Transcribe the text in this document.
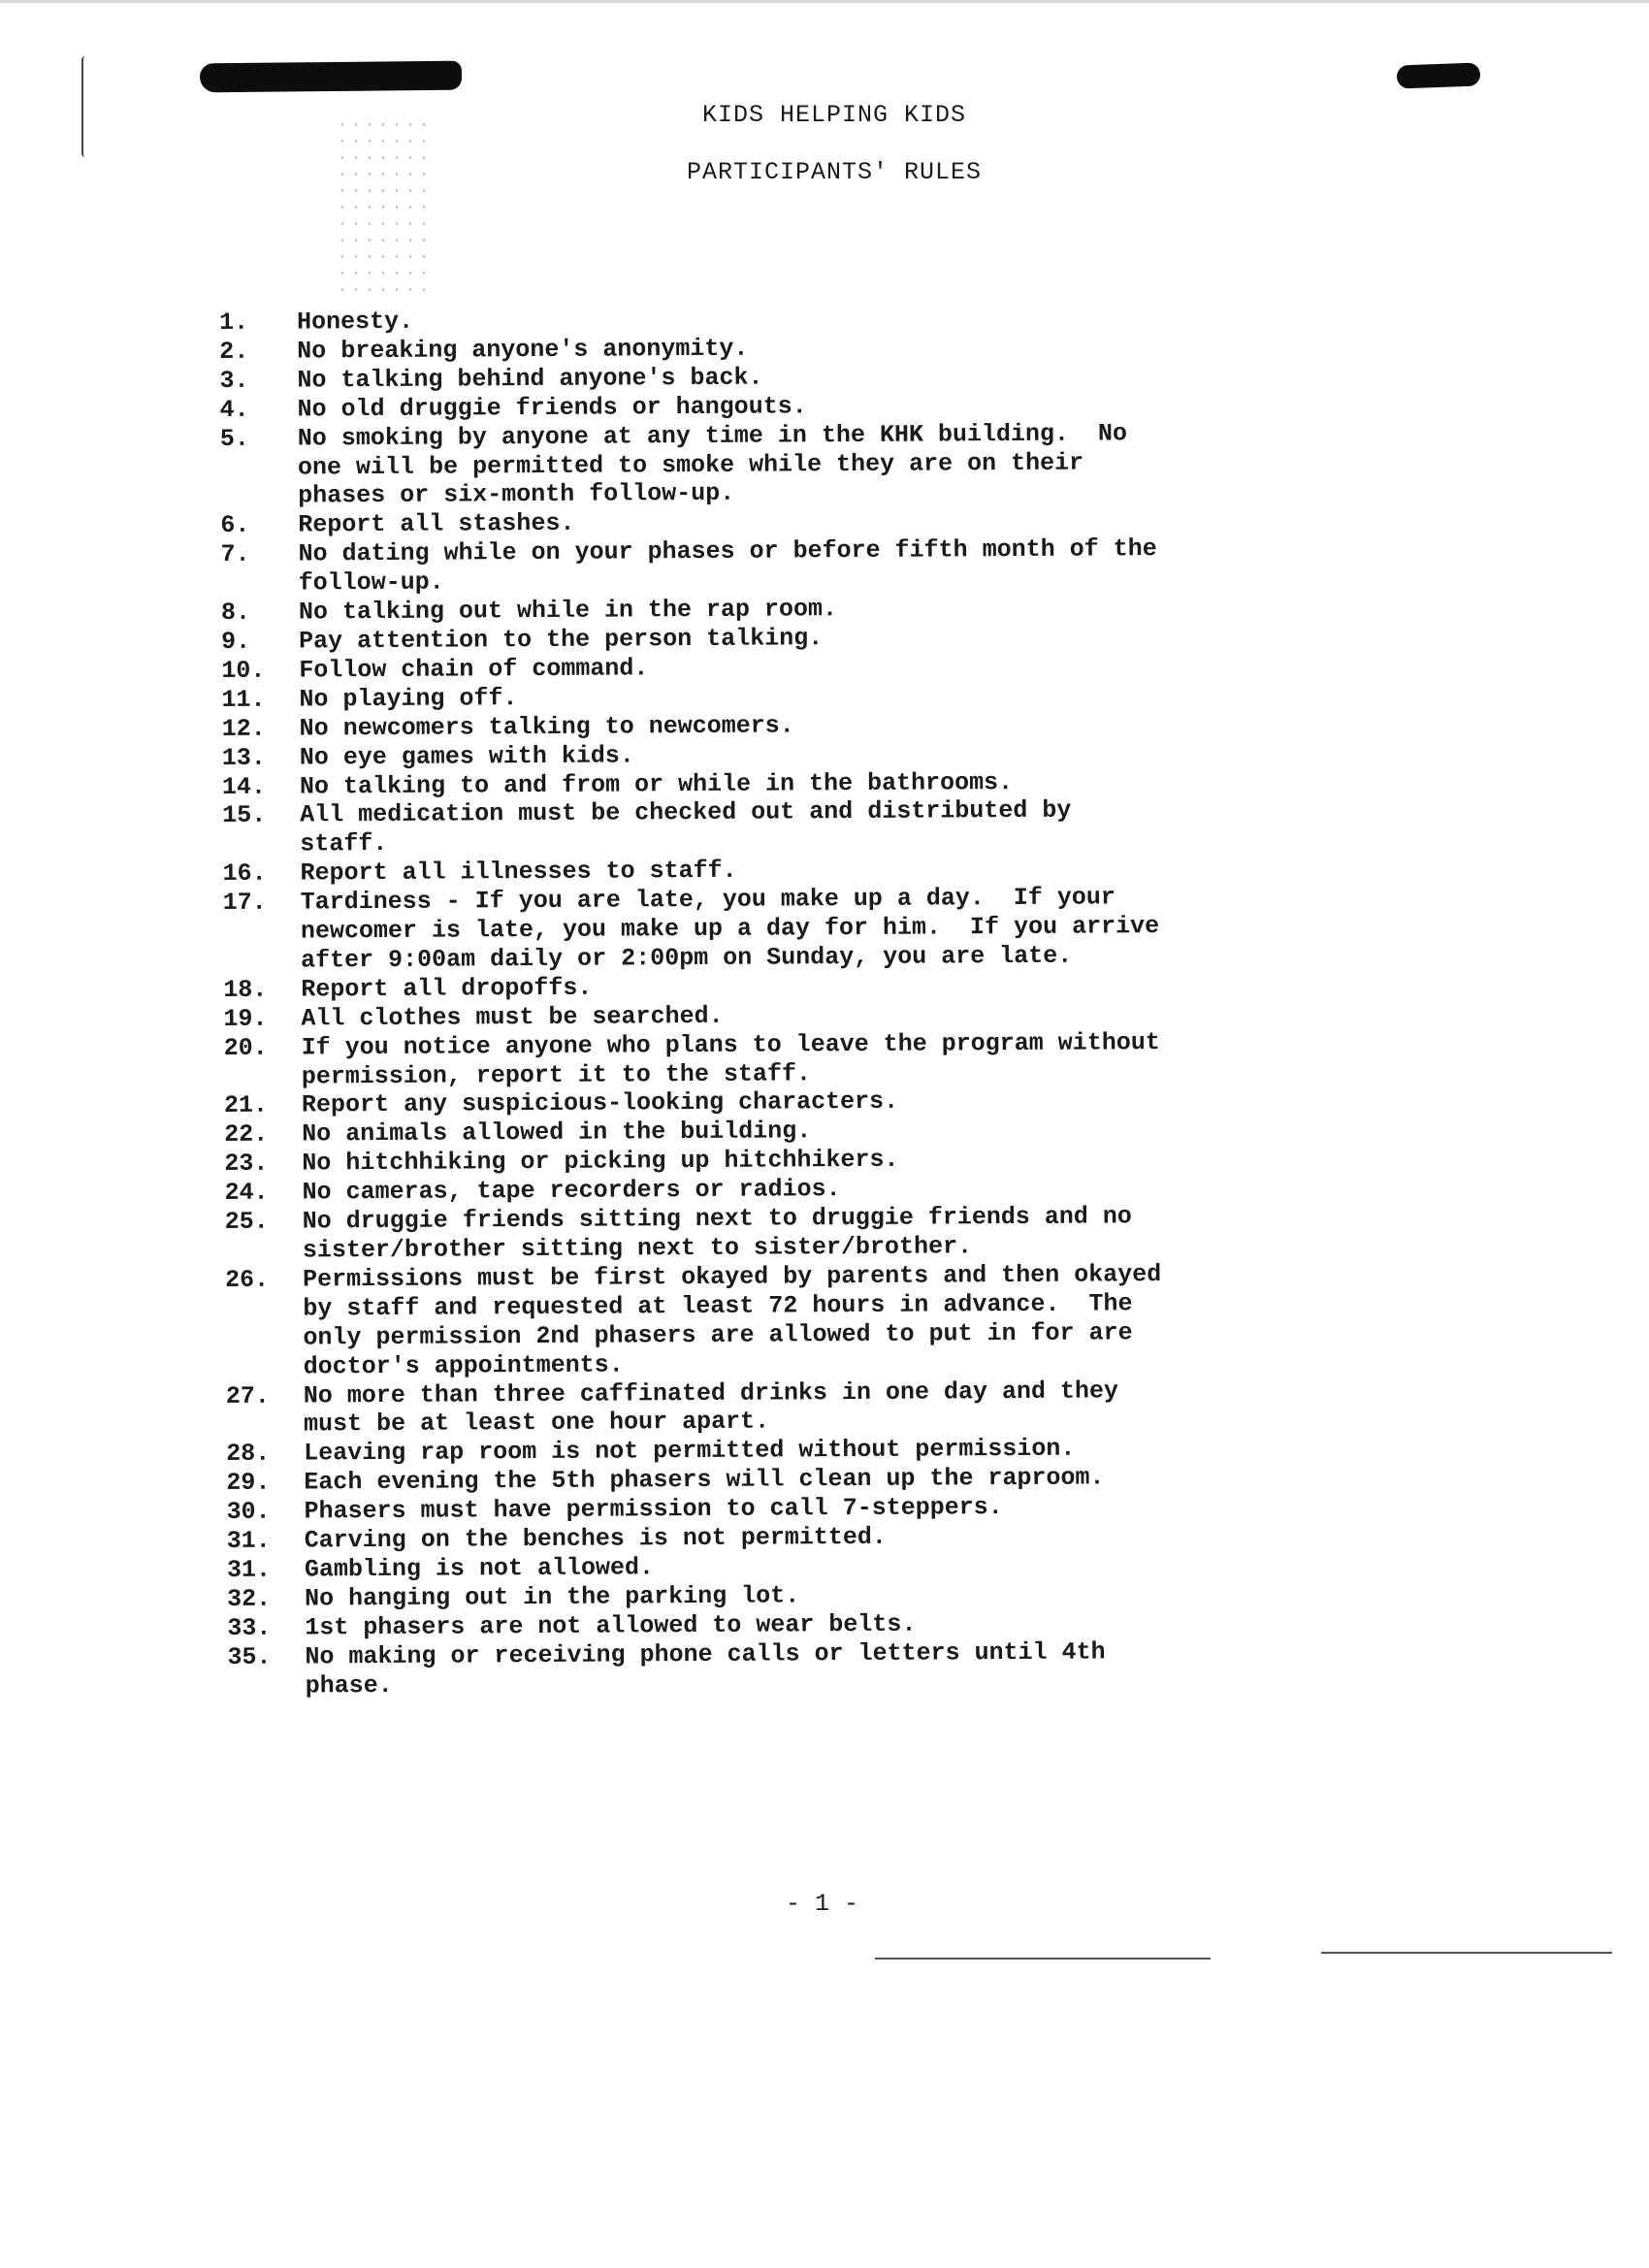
KIDS HELPING KIDS
PARTICIPANTS' RULES
1.	Honesty.
2.	No breaking anyone's anonymity.
3.	No talking behind anyone's back.
4.	No old druggie friends or hangouts.
5.	No smoking by anyone at any time in the KHK building.  No
one will be permitted to smoke while they are on their
phases or six-month follow-up.
6.	Report all stashes.
7.	No dating while on your phases or before fifth month of the
follow-up.
8.	No talking out while in the rap room.
9.	Pay attention to the person talking.
10.	Follow chain of command.
11.	No playing off.
12.	No newcomers talking to newcomers.
13.	No eye games with kids.
14.	No talking to and from or while in the bathrooms.
15.	All medication must be checked out and distributed by
staff.
16.	Report all illnesses to staff.
17.	Tardiness - If you are late, you make up a day.  If your
newcomer is late, you make up a day for him.  If you arrive
after 9:00am daily or 2:00pm on Sunday, you are late.
18.	Report all dropoffs.
19.	All clothes must be searched.
20.	If you notice anyone who plans to leave the program without
permission, report it to the staff.
21.	Report any suspicious-looking characters.
22.	No animals allowed in the building.
23.	No hitchhiking or picking up hitchhikers.
24.	No cameras, tape recorders or radios.
25.	No druggie friends sitting next to druggie friends and no
sister/brother sitting next to sister/brother.
26.	Permissions must be first okayed by parents and then okayed
by staff and requested at least 72 hours in advance.  The
only permission 2nd phasers are allowed to put in for are
doctor's appointments.
27.	No more than three caffinated drinks in one day and they
must be at least one hour apart.
28.	Leaving rap room is not permitted without permission.
29.	Each evening the 5th phasers will clean up the raproom.
30.	Phasers must have permission to call 7-steppers.
31.	Carving on the benches is not permitted.
31.	Gambling is not allowed.
32.	No hanging out in the parking lot.
33.	1st phasers are not allowed to wear belts.
35.	No making or receiving phone calls or letters until 4th
phase.
- 1 -
